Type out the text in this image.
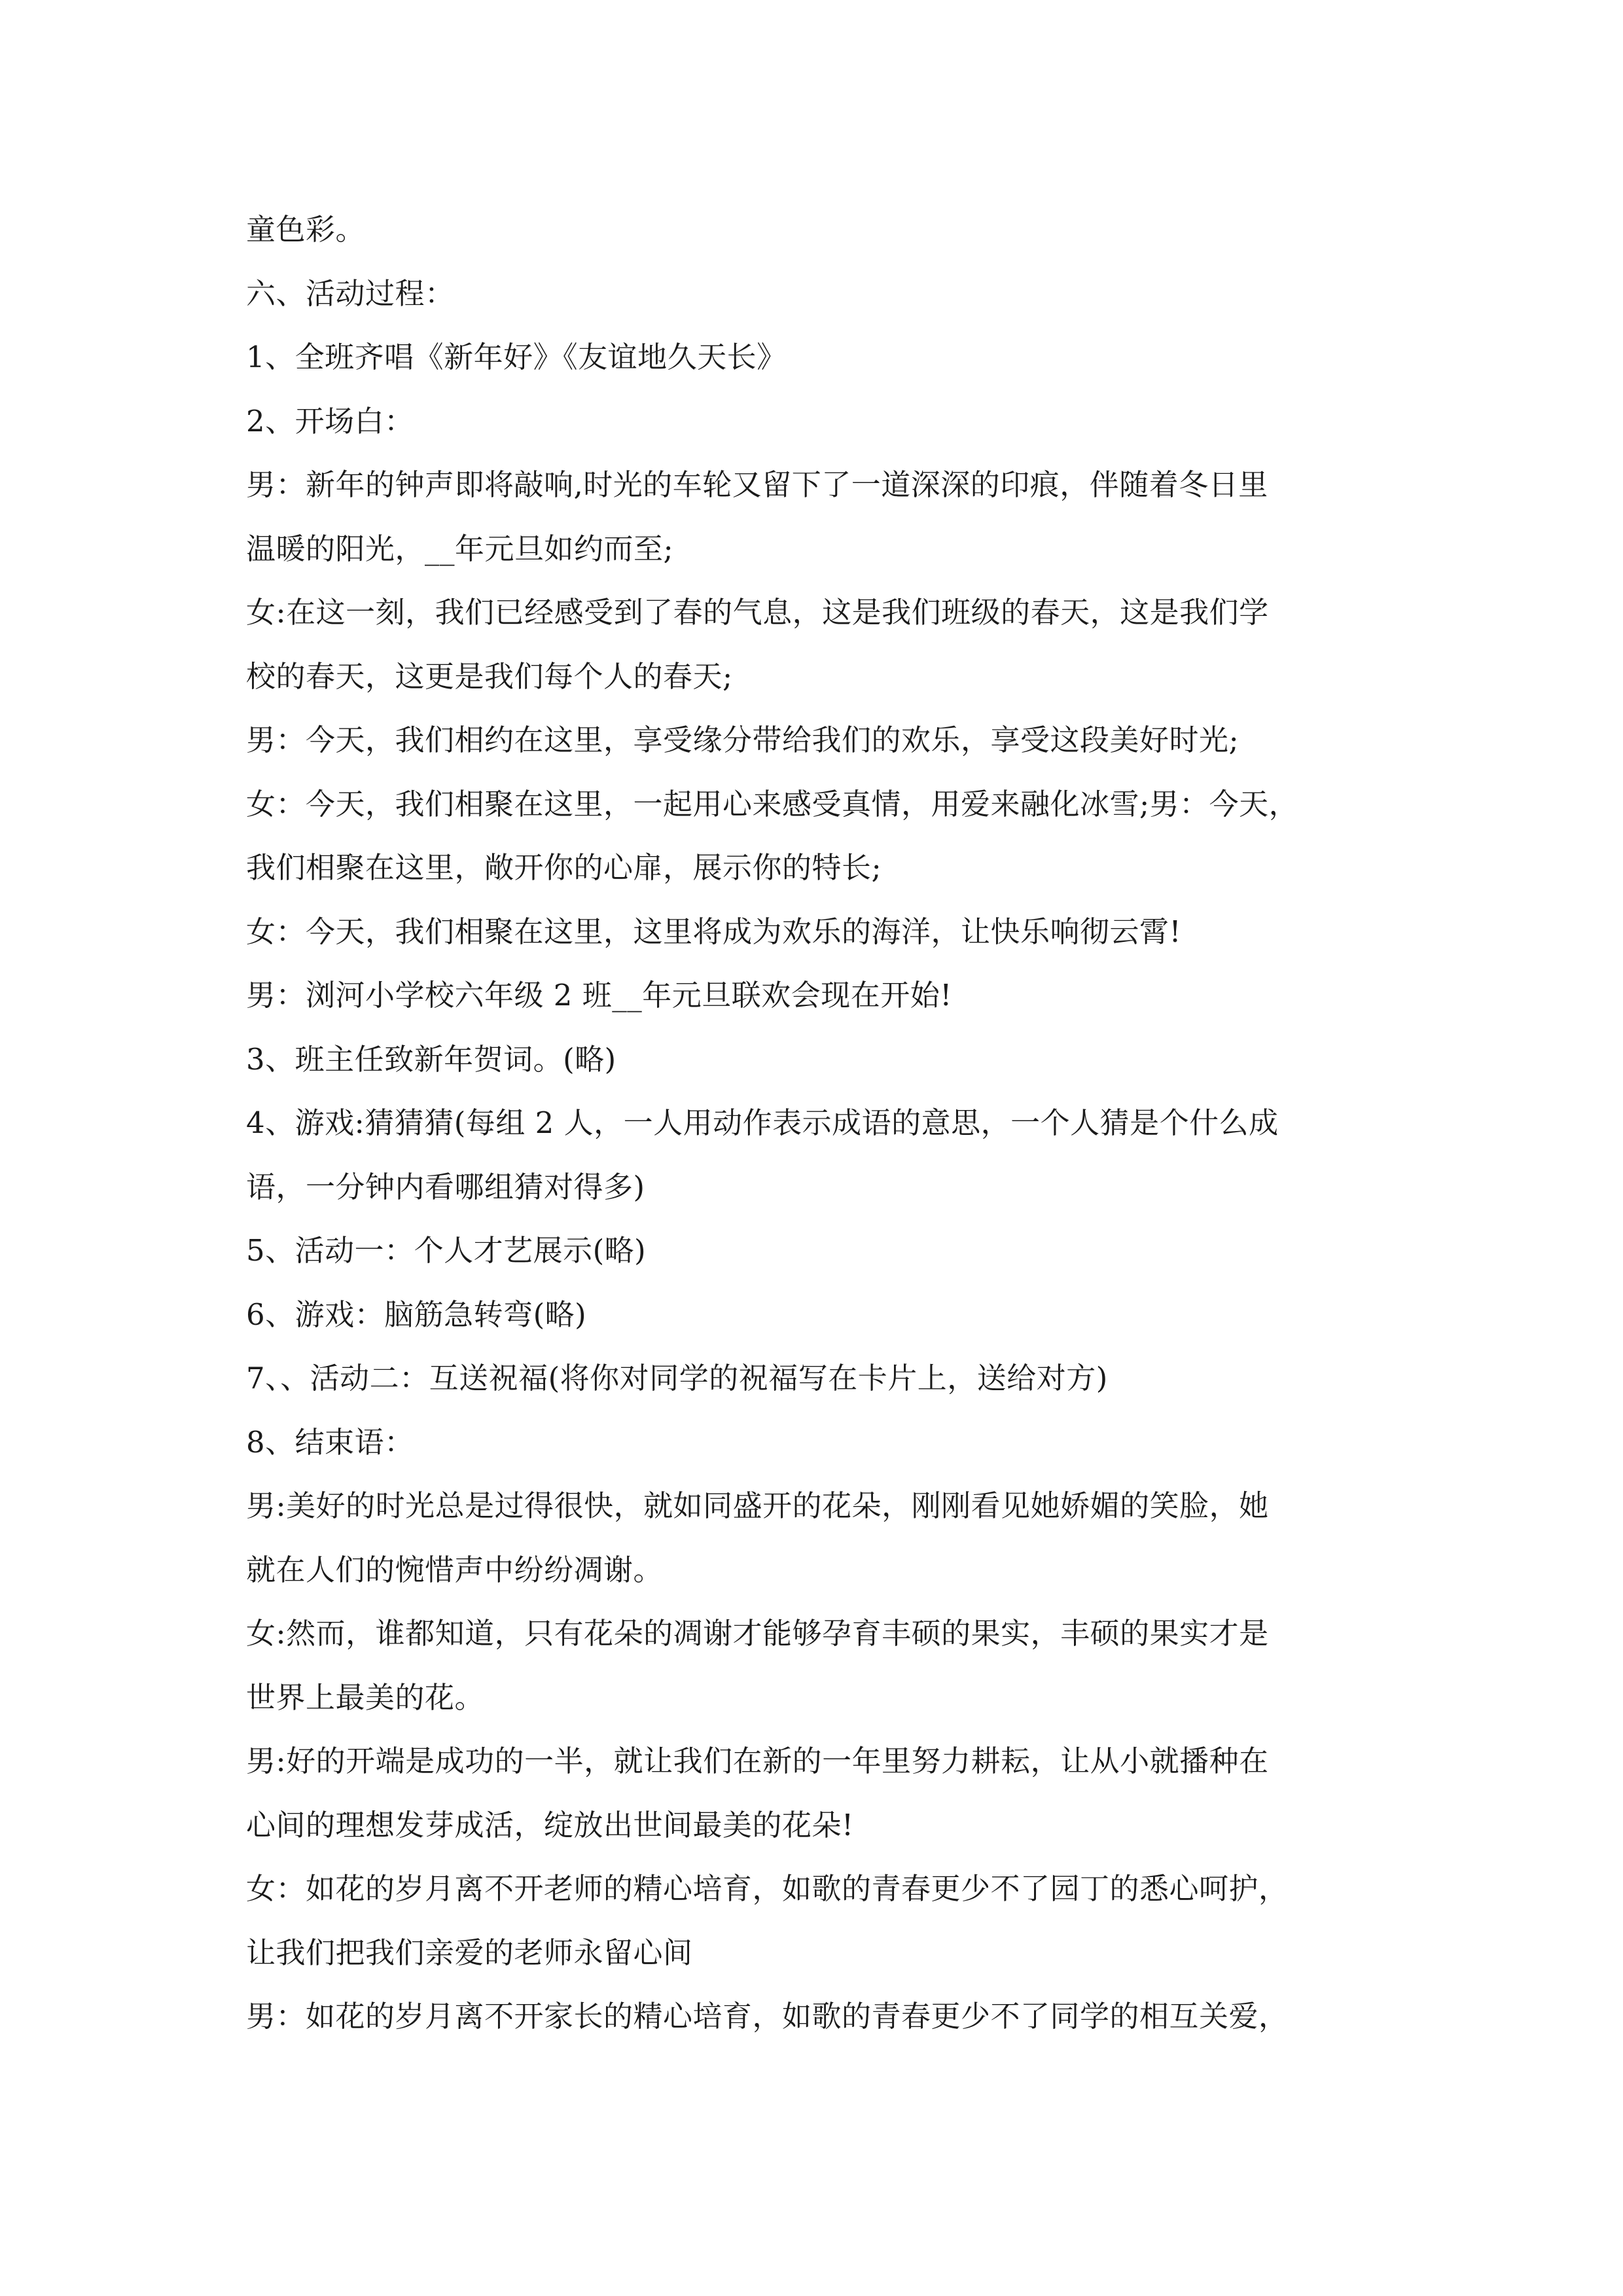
童色彩。
六、活动过程：
1、全班齐唱《新年好》《友谊地久天长》
2、开场白：
男：新年的钟声即将敲响,时光的车轮又留下了一道深深的印痕，伴随着冬日里
温暖的阳光，__年元旦如约而至;
女:在这一刻，我们已经感受到了春的气息，这是我们班级的春天，这是我们学
校的春天，这更是我们每个人的春天;
男：今天，我们相约在这里，享受缘分带给我们的欢乐，享受这段美好时光;
女：今天，我们相聚在这里，一起用心来感受真情，用爱来融化冰雪;男：今天，
我们相聚在这里，敞开你的心扉，展示你的特长;
女：今天，我们相聚在这里，这里将成为欢乐的海洋，让快乐响彻云霄!
男：浏河小学校六年级 2 班__年元旦联欢会现在开始!
3、班主任致新年贺词。(略)
4、游戏:猜猜猜(每组 2 人，一人用动作表示成语的意思，一个人猜是个什么成
语，一分钟内看哪组猜对得多)
5、活动一：个人才艺展示(略)
6、游戏：脑筋急转弯(略)
7、、活动二：互送祝福(将你对同学的祝福写在卡片上，送给对方)
8、结束语：
男:美好的时光总是过得很快，就如同盛开的花朵，刚刚看见她娇媚的笑脸，她
就在人们的惋惜声中纷纷凋谢。
女:然而，谁都知道，只有花朵的凋谢才能够孕育丰硕的果实，丰硕的果实才是
世界上最美的花。
男:好的开端是成功的一半，就让我们在新的一年里努力耕耘，让从小就播种在
心间的理想发芽成活，绽放出世间最美的花朵!
女：如花的岁月离不开老师的精心培育，如歌的青春更少不了园丁的悉心呵护，
让我们把我们亲爱的老师永留心间
男：如花的岁月离不开家长的精心培育，如歌的青春更少不了同学的相互关爱，
